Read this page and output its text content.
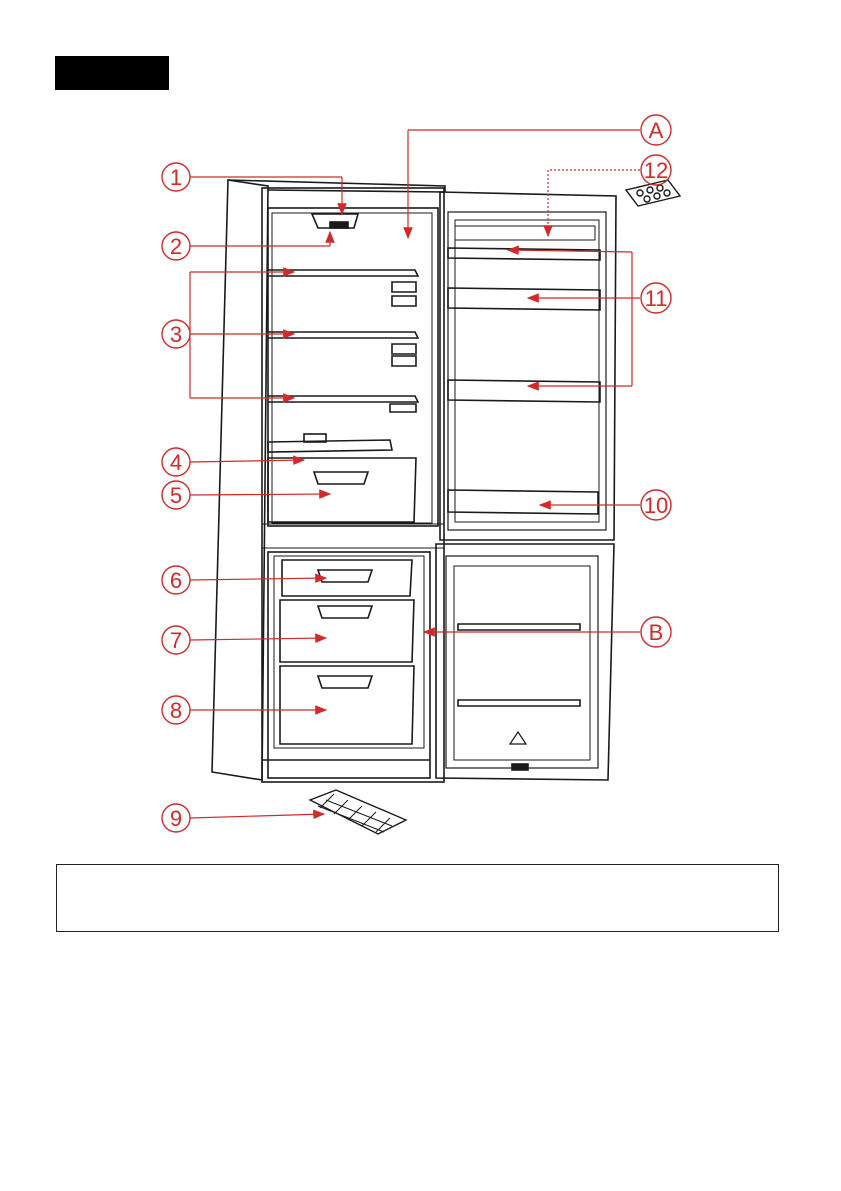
1
2
3
4
5
6
7
8
9
10
11
12
A
B
